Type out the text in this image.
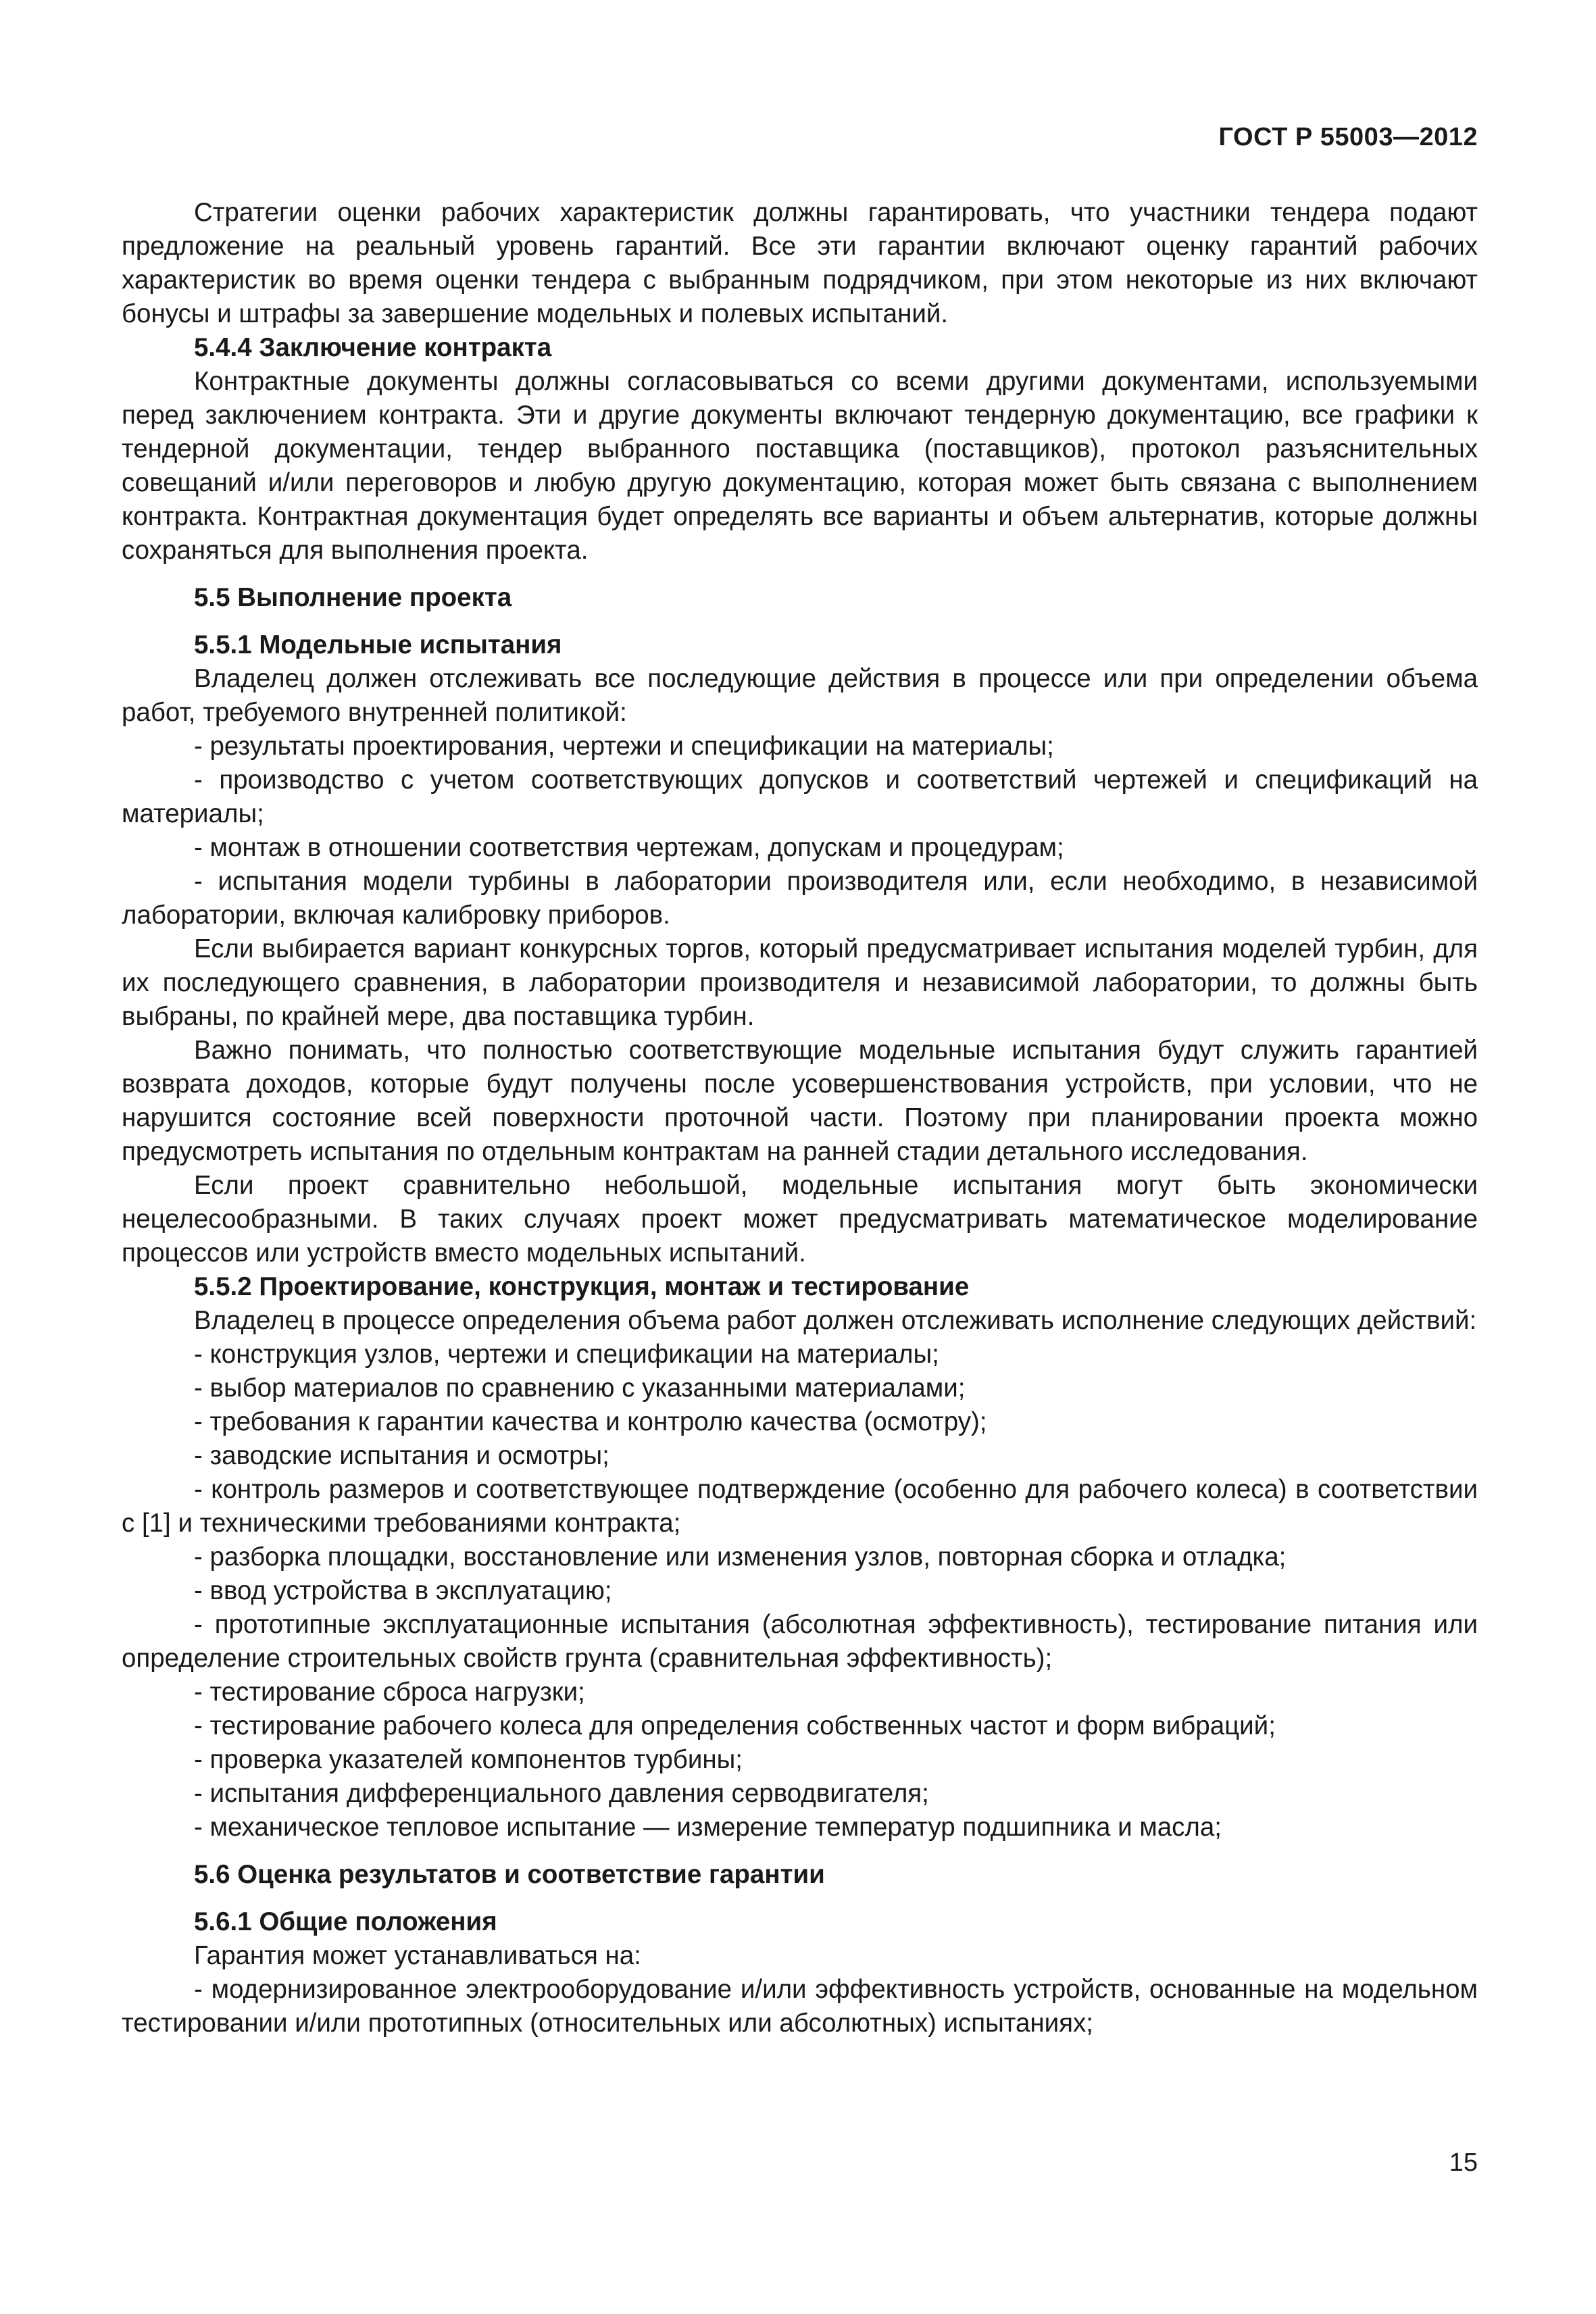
ГОСТ Р 55003—2012

Стратегии оценки рабочих характеристик должны гарантировать, что участники тендера подают предложение на реальный уровень гарантий. Все эти гарантии включают оценку гарантий рабочих характеристик во время оценки тендера с выбранным подрядчиком, при этом некоторые из них включают бонусы и штрафы за завершение модельных и полевых испытаний.

5.4.4 Заключение контракта

Контрактные документы должны согласовываться со всеми другими документами, используемыми перед заключением контракта. Эти и другие документы включают тендерную документацию, все графики к тендерной документации, тендер выбранного поставщика (поставщиков), протокол разъяснительных совещаний и/или переговоров и любую другую документацию, которая может быть связана с выполнением контракта. Контрактная документация будет определять все варианты и объем альтернатив, которые должны сохраняться для выполнения проекта.

5.5 Выполнение проекта

5.5.1 Модельные испытания

Владелец должен отслеживать все последующие действия в процессе или при определении объема работ, требуемого внутренней политикой:

- результаты проектирования, чертежи и спецификации на материалы;

- производство с учетом соответствующих допусков и соответствий чертежей и спецификаций на материалы;

- монтаж в отношении соответствия чертежам, допускам и процедурам;

- испытания модели турбины в лаборатории производителя или, если необходимо, в независимой лаборатории, включая калибровку приборов.

Если выбирается вариант конкурсных торгов, который предусматривает испытания моделей турбин, для их последующего сравнения, в лаборатории производителя и независимой лаборатории, то должны быть выбраны, по крайней мере, два поставщика турбин.

Важно понимать, что полностью соответствующие модельные испытания будут служить гарантией возврата доходов, которые будут получены после усовершенствования устройств, при условии, что не нарушится состояние всей поверхности проточной части. Поэтому при планировании проекта можно предусмотреть испытания по отдельным контрактам на ранней стадии детального исследования.

Если проект сравнительно небольшой, модельные испытания могут быть экономически нецелесообразными. В таких случаях проект может предусматривать математическое моделирование процессов или устройств вместо модельных испытаний.

5.5.2 Проектирование, конструкция, монтаж и тестирование

Владелец в процессе определения объема работ должен отслеживать исполнение следующих действий:

- конструкция узлов, чертежи и спецификации на материалы;

- выбор материалов по сравнению с указанными материалами;

- требования к гарантии качества и контролю качества (осмотру);

- заводские испытания и осмотры;

- контроль размеров и соответствующее подтверждение (особенно для рабочего колеса) в соответствии с [1] и техническими требованиями контракта;

- разборка площадки, восстановление или изменения узлов, повторная сборка и отладка;

- ввод устройства в эксплуатацию;

- прототипные эксплуатационные испытания (абсолютная эффективность), тестирование питания или определение строительных свойств грунта (сравнительная эффективность);

- тестирование сброса нагрузки;

- тестирование рабочего колеса для определения собственных частот и форм вибраций;

- проверка указателей компонентов турбины;

- испытания дифференциального давления серводвигателя;

- механическое тепловое испытание — измерение температур подшипника и масла;

5.6 Оценка результатов и соответствие гарантии

5.6.1 Общие положения

Гарантия может устанавливаться на:

- модернизированное электрооборудование и/или эффективность устройств, основанные на модельном тестировании и/или прототипных (относительных или абсолютных) испытаниях;

15
